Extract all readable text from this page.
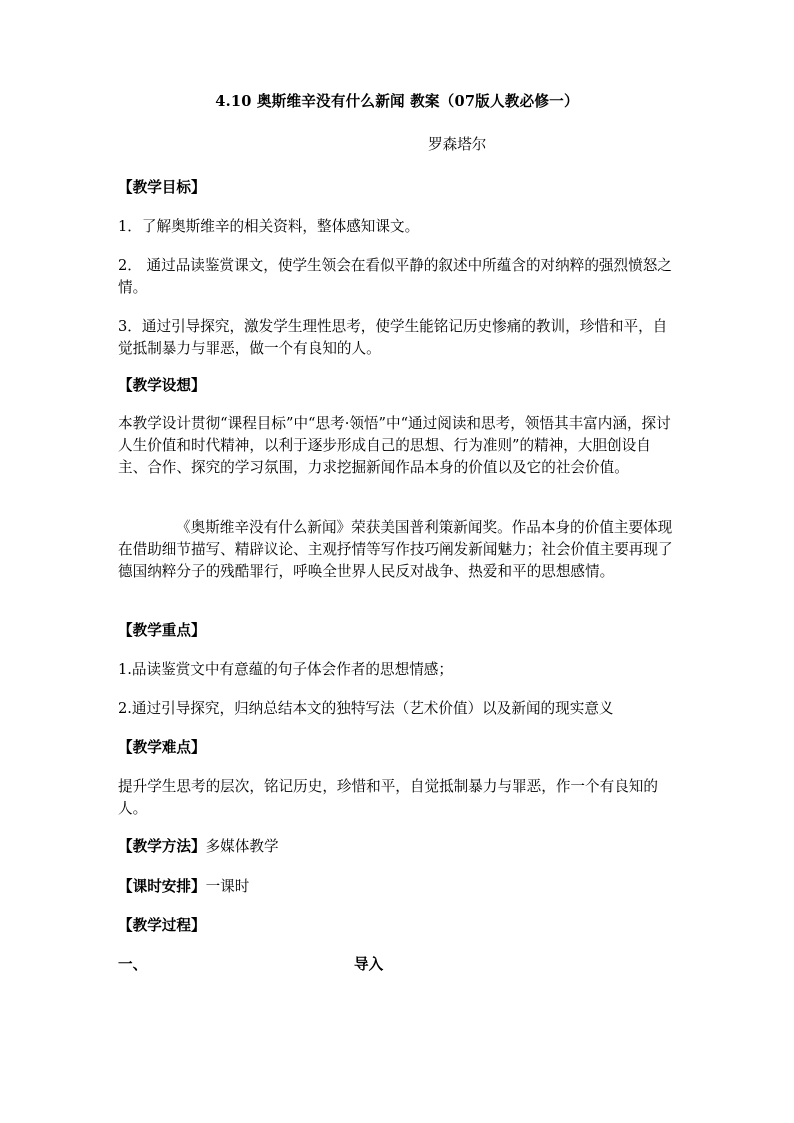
4.10 奥斯维辛没有什么新闻 教案（07版人教必修一）
罗森塔尔
【教学目标】
1．了解奥斯维辛的相关资料，整体感知课文。
2． 通过品读鉴赏课文，使学生领会在看似平静的叙述中所蕴含的对纳粹的强烈愤怒之情。
3．通过引导探究，激发学生理性思考，使学生能铭记历史惨痛的教训，珍惜和平，自觉抵制暴力与罪恶，做一个有良知的人。
【教学设想】
本教学设计贯彻“课程目标”中“思考·领悟”中“通过阅读和思考，领悟其丰富内涵，探讨人生价值和时代精神，以利于逐步形成自己的思想、行为准则”的精神，大胆创设自主、合作、探究的学习氛围，力求挖掘新闻作品本身的价值以及它的社会价值。
《奥斯维辛没有什么新闻》荣获美国普利策新闻奖。作品本身的价值主要体现在借助细节描写、精辟议论、主观抒情等写作技巧阐发新闻魅力；社会价值主要再现了德国纳粹分子的残酷罪行，呼唤全世界人民反对战争、热爱和平的思想感情。
【教学重点】
1.品读鉴赏文中有意蕴的句子体会作者的思想情感；
2.通过引导探究，归纳总结本文的独特写法（艺术价值）以及新闻的现实意义
【教学难点】
提升学生思考的层次，铭记历史，珍惜和平，自觉抵制暴力与罪恶，作一个有良知的人。
【教学方法】多媒体教学
【课时安排】一课时
【教学过程】
一、	导入
